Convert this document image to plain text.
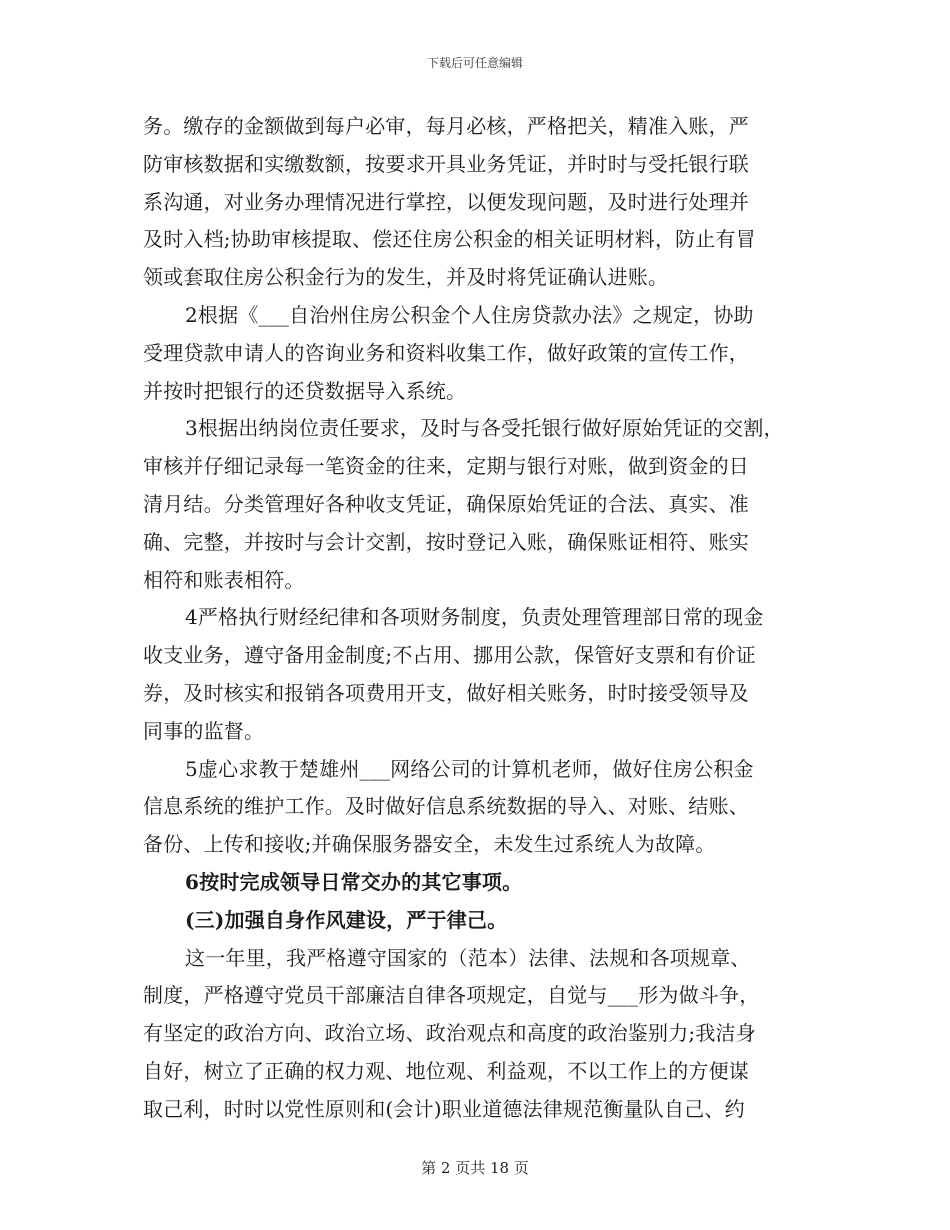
下载后可任意编辑

务。缴存的金额做到每户必审，每月必核，严格把关，精准入账，严

防审核数据和实缴数额，按要求开具业务凭证，并时时与受托银行联

系沟通，对业务办理情况进行掌控，以便发现问题，及时进行处理并

及时入档;协助审核提取、偿还住房公积金的相关证明材料，防止有冒

领或套取住房公积金行为的发生，并及时将凭证确认进账。

2根据《___自治州住房公积金个人住房贷款办法》之规定，协助

受理贷款申请人的咨询业务和资料收集工作，做好政策的宣传工作，

并按时把银行的还贷数据导入系统。

3根据出纳岗位责任要求，及时与各受托银行做好原始凭证的交割，

审核并仔细记录每一笔资金的往来，定期与银行对账，做到资金的日

清月结。分类管理好各种收支凭证，确保原始凭证的合法、真实、准

确、完整，并按时与会计交割，按时登记入账，确保账证相符、账实

相符和账表相符。

4严格执行财经纪律和各项财务制度，负责处理管理部日常的现金

收支业务，遵守备用金制度;不占用、挪用公款，保管好支票和有价证

券，及时核实和报销各项费用开支，做好相关账务，时时接受领导及

同事的监督。

5虚心求教于楚雄州___网络公司的计算机老师，做好住房公积金

信息系统的维护工作。及时做好信息系统数据的导入、对账、结账、

备份、上传和接收;并确保服务器安全，未发生过系统人为故障。

6按时完成领导日常交办的其它事项。

(三)加强自身作风建设，严于律己。

这一年里，我严格遵守国家的（范本）法律、法规和各项规章、

制度，严格遵守党员干部廉洁自律各项规定，自觉与___形为做斗争，

有坚定的政治方向、政治立场、政治观点和高度的政治鉴别力;我洁身

自好，树立了正确的权力观、地位观、利益观，不以工作上的方便谋

取己利，时时以党性原则和(会计)职业道德法律规范衡量队自己、约

第 2 页共 18 页
